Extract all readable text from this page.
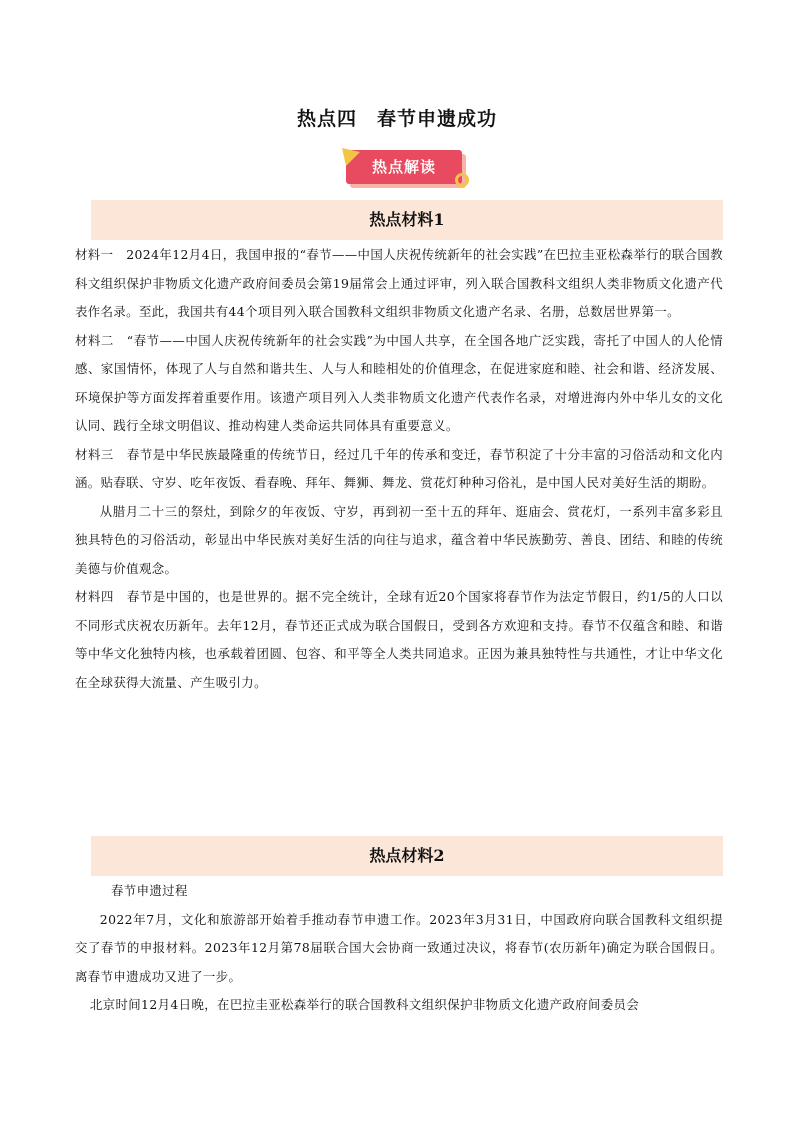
热点四　春节申遗成功
热点解读
热点材料1

材料一　2024年12月4日，我国申报的“春节——中国人庆祝传统新年的社会实践”在巴拉圭亚松森举行的联合国教科文组织保护非物质文化遗产政府间委员会第19届常会上通过评审，列入联合国教科文组织人类非物质文化遗产代表作名录。至此，我国共有44个项目列入联合国教科文组织非物质文化遗产名录、名册，总数居世界第一。

材料二　“春节——中国人庆祝传统新年的社会实践”为中国人共享，在全国各地广泛实践，寄托了中国人的人伦情感、家国情怀，体现了人与自然和谐共生、人与人和睦相处的价值理念，在促进家庭和睦、社会和谐、经济发展、环境保护等方面发挥着重要作用。该遗产项目列入人类非物质文化遗产代表作名录，对增进海内外中华儿女的文化认同、践行全球文明倡议、推动构建人类命运共同体具有重要意义。

材料三　春节是中华民族最隆重的传统节日，经过几千年的传承和变迁，春节积淀了十分丰富的习俗活动和文化内涵。贴春联、守岁、吃年夜饭、看春晚、拜年、舞狮、舞龙、赏花灯种种习俗礼，是中国人民对美好生活的期盼。

从腊月二十三的祭灶，到除夕的年夜饭、守岁，再到初一至十五的拜年、逛庙会、赏花灯，一系列丰富多彩且独具特色的习俗活动，彰显出中华民族对美好生活的向往与追求，蕴含着中华民族勤劳、善良、团结、和睦的传统美德与价值观念。

材料四　春节是中国的，也是世界的。据不完全统计，全球有近20个国家将春节作为法定节假日，约1/5的人口以不同形式庆祝农历新年。去年12月，春节还正式成为联合国假日，受到各方欢迎和支持。春节不仅蕴含和睦、和谐等中华文化独特内核，也承载着团圆、包容、和平等全人类共同追求。正因为兼具独特性与共通性，才让中华文化在全球获得大流量、产生吸引力。

热点材料2

春节申遗过程

2022年7月，文化和旅游部开始着手推动春节申遗工作。2023年3月31日，中国政府向联合国教科文组织提交了春节的申报材料。2023年12月第78届联合国大会协商一致通过决议，将春节(农历新年)确定为联合国假日。离春节申遗成功又进了一步。

北京时间12月4日晚，在巴拉圭亚松森举行的联合国教科文组织保护非物质文化遗产政府间委员会
